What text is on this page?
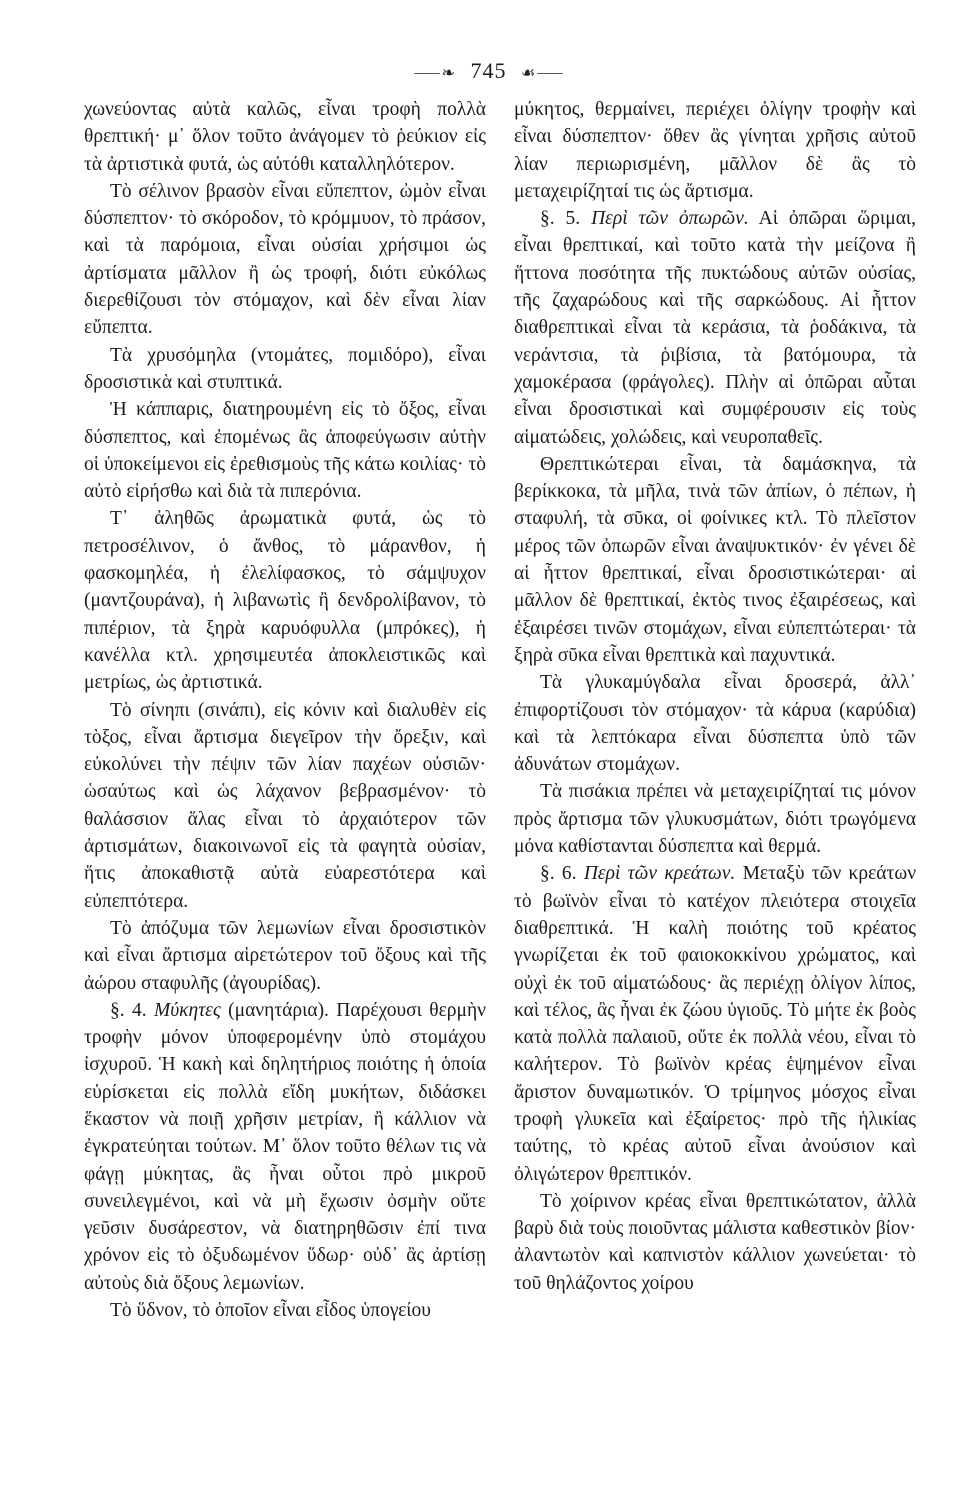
⸺❧ 745 ☙⸺

χωνεύοντας αὐτὰ καλῶς, εἶναι τροφὴ πολλὰ θρεπτική· μ᾽ ὅλον τοῦτο ἀνάγομεν τὸ ῥεύκιον εἰς τὰ ἀρτιστικὰ φυτά, ὡς αὐτόθι καταλληλότερον.

Τὸ σέλινον βρασὸν εἶναι εὔπεπτον, ὠμὸν εἶναι δύσπεπτον· τὸ σκόροδον, τὸ κρόμμυον, τὸ πράσον, καὶ τὰ παρόμοια, εἶναι οὐσίαι χρήσιμοι ὡς ἀρτίσματα μᾶλλον ἢ ὡς τροφή, διότι εὐκόλως διερεθίζουσι τὸν στόμαχον, καὶ δὲν εἶναι λίαν εὔπεπτα.

Τὰ χρυσόμηλα (ντομάτες, πομιδόρο), εἶναι δροσιστικὰ καὶ στυπτικά.

Ἡ κάππαρις, διατηρουμένη εἰς τὸ ὄξος, εἶναι δύσπεπτος, καὶ ἐπομένως ἂς ἀποφεύγωσιν αὐτὴν οἱ ὑποκείμενοι εἰς ἐρεθισμοὺς τῆς κάτω κοιλίας· τὸ αὐτὸ εἰρήσθω καὶ διὰ τὰ πιπερόνια.

Τ᾽ ἀληθῶς ἀρωματικὰ φυτά, ὡς τὸ πετροσέλινον, ὁ ἄνθος, τὸ μάρανθον, ἡ φασκομηλέα, ἡ ἐλελίφασκος, τὸ σάμψυχον (μαντζουράνα), ἡ λιβανωτὶς ἢ δενδρολίβανον, τὸ πιπέριον, τὰ ξηρὰ καρυόφυλλα (μπρόκες), ἡ κανέλλα κτλ. χρησιμευτέα ἀποκλειστικῶς καὶ μετρίως, ὡς ἀρτιστικά.

Τὸ σίνηπι (σινάπι), εἰς κόνιν καὶ διαλυθὲν εἰς τὸξος, εἶναι ἄρτισμα διεγεῖρον τὴν ὄρεξιν, καὶ εὐκολύνει τὴν πέψιν τῶν λίαν παχέων οὐσιῶν· ὡσαύτως καὶ ὡς λάχανον βεβρασμένον· τὸ θαλάσσιον ἅλας εἶναι τὸ ἀρχαιότερον τῶν ἀρτισμάτων, διακοινωνοῖ εἰς τὰ φαγητὰ οὐσίαν, ἥτις ἀποκαθιστᾷ αὐτὰ εὐαρεστότερα καὶ εὐπεπτότερα.

Τὸ ἀπόζυμα τῶν λεμωνίων εἶναι δροσιστικὸν καὶ εἶναι ἄρτισμα αἱρετώτερον τοῦ ὄξους καὶ τῆς ἀώρου σταφυλῆς (ἀγουρίδας).

§. 4. Μύκητες (μανητάρια). Παρέχουσι θερμὴν τροφὴν μόνον ὑποφερομένην ὑπὸ στομάχου ἰσχυροῦ. Ἡ κακὴ καὶ δηλητήριος ποιότης ἡ ὁποία εὑρίσκεται εἰς πολλὰ εἴδη μυκήτων, διδάσκει ἕκαστον νὰ ποιῇ χρῆσιν μετρίαν, ἢ κάλλιον νὰ ἐγκρατεύηται τούτων. Μ᾽ ὅλον τοῦτο θέλων τις νὰ φάγῃ μύκητας, ἂς ἦναι οὗτοι πρὸ μικροῦ συνειλεγμένοι, καὶ νὰ μὴ ἔχωσιν ὀσμὴν οὔτε γεῦσιν δυσάρεστον, νὰ διατηρηθῶσιν ἐπί τινα χρόνον εἰς τὸ ὀξυδωμένον ὕδωρ· οὐδ᾽ ἂς ἀρτίσῃ αὐτοὺς διὰ ὄξους λεμωνίων.

Τὸ ὕδνον, τὸ ὁποῖον εἶναι εἶδος ὑπογείου

μύκητος, θερμαίνει, περιέχει ὀλίγην τροφὴν καὶ εἶναι δύσπεπτον· ὅθεν ἂς γίνηται χρῆσις αὐτοῦ λίαν περιωρισμένη, μᾶλλον δὲ ἂς τὸ μεταχειρίζηταί τις ὡς ἄρτισμα.

§. 5. Περὶ τῶν ὀπωρῶν. Αἱ ὀπῶραι ὥριμαι, εἶναι θρεπτικαί, καὶ τοῦτο κατὰ τὴν μείζονα ἢ ἥττονα ποσότητα τῆς πυκτώδους αὐτῶν οὐσίας, τῆς ζαχαρώδους καὶ τῆς σαρκώδους. Αἱ ἧττον διαθρεπτικαὶ εἶναι τὰ κεράσια, τὰ ῥοδάκινα, τὰ νεράντσια, τὰ ῥιβίσια, τὰ βατόμουρα, τὰ χαμοκέρασα (φράγολες). Πλὴν αἱ ὀπῶραι αὗται εἶναι δροσιστικαὶ καὶ συμφέρουσιν εἰς τοὺς αἱματώδεις, χολώδεις, καὶ νευροπαθεῖς.

Θρεπτικώτεραι εἶναι, τὰ δαμάσκηνα, τὰ βερίκκοκα, τὰ μῆλα, τινὰ τῶν ἀπίων, ὁ πέπων, ἡ σταφυλή, τὰ σῦκα, οἱ φοίνικες κτλ. Τὸ πλεῖστον μέρος τῶν ὀπωρῶν εἶναι ἀναψυκτικόν· ἐν γένει δὲ αἱ ἧττον θρεπτικαί, εἶναι δροσιστικώτεραι· αἱ μᾶλλον δὲ θρεπτικαί, ἐκτὸς τινος ἐξαιρέσεως, καὶ ἐξαιρέσει τινῶν στομάχων, εἶναι εὐπεπτώτεραι· τὰ ξηρὰ σῦκα εἶναι θρεπτικὰ καὶ παχυντικά.

Τὰ γλυκαμύγδαλα εἶναι δροσερά, ἀλλ᾽ ἐπιφορτίζουσι τὸν στόμαχον· τὰ κάρυα (καρύδια) καὶ τὰ λεπτόκαρα εἶναι δύσπεπτα ὑπὸ τῶν ἀδυνάτων στομάχων.

Τὰ πισάκια πρέπει νὰ μεταχειρίζηταί τις μόνον πρὸς ἄρτισμα τῶν γλυκυσμάτων, διότι τρωγόμενα μόνα καθίστανται δύσπεπτα καὶ θερμά.

§. 6. Περὶ τῶν κρεάτων. Μεταξὺ τῶν κρεάτων τὸ βωϊνὸν εἶναι τὸ κατέχον πλειότερα στοιχεῖα διαθρεπτικά. Ἡ καλὴ ποιότης τοῦ κρέατος γνωρίζεται ἐκ τοῦ φαιοκοκκίνου χρώματος, καὶ οὐχὶ ἐκ τοῦ αἱματώδους· ἂς περιέχῃ ὀλίγον λίπος, καὶ τέλος, ἂς ἦναι ἐκ ζώου ὑγιοῦς. Τὸ μήτε ἐκ βοὸς κατὰ πολλὰ παλαιοῦ, οὔτε ἐκ πολλὰ νέου, εἶναι τὸ καλήτερον. Τὸ βωϊνὸν κρέας ἑψημένον εἶναι ἄριστον δυναμωτικόν. Ὁ τρίμηνος μόσχος εἶναι τροφὴ γλυκεῖα καὶ ἐξαίρετος· πρὸ τῆς ἡλικίας ταύτης, τὸ κρέας αὐτοῦ εἶναι ἀνούσιον καὶ ὀλιγώτερον θρεπτικόν.

Τὸ χοίρινον κρέας εἶναι θρεπτικώτατον, ἀλλὰ βαρὺ διὰ τοὺς ποιοῦντας μάλιστα καθεστικὸν βίον· ἀλαντωτὸν καὶ καπνιστὸν κάλλιον χωνεύεται· τὸ τοῦ θηλάζοντος χοίρου
